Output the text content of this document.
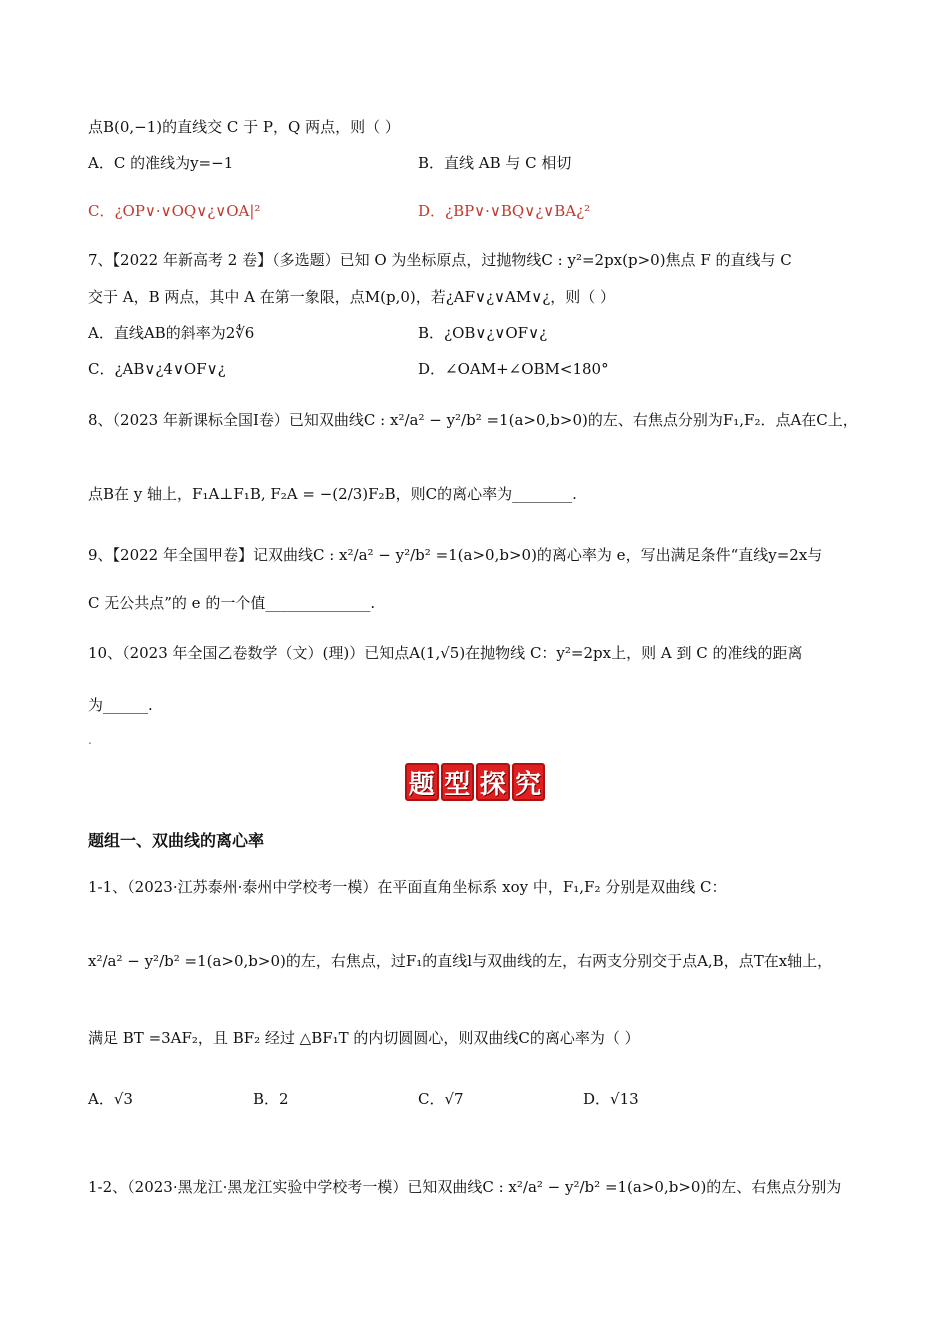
点B(0,−1)的直线交 C 于 P，Q 两点，则（ ）
A．C 的准线为y=−1	B．直线 AB 与 C 相切
C．¿OP∨·∨OQ∨¿∨OA|²	D．¿BP∨·∨BQ∨¿∨BA¿²
7、【2022 年新高考 2 卷】（多选题）已知 O 为坐标原点，过抛物线C : y²=2px(p>0)焦点 F 的直线与 C
交于 A，B 两点，其中 A 在第一象限，点M(p,0)，若¿AF∨¿∨AM∨¿，则（ ）
A．直线AB的斜率为2∜6	B．¿OB∨¿∨OF∨¿
C．¿AB∨¿4∨OF∨¿	D．∠OAM+∠OBM<180°
8、（2023 年新课标全国Ⅰ卷）已知双曲线C : x²/a² − y²/b² =1(a>0,b>0)的左、右焦点分别为F₁,F₂．点A在C上，
点B在 y 轴上，F₁A⊥F₁B, F₂A = −(2/3)F₂B，则C的离心率为________.
9、【2022 年全国甲卷】记双曲线C : x²/a² − y²/b² =1(a>0,b>0)的离心率为 e，写出满足条件“直线y=2x与
C 无公共点”的 e 的一个值______________.
10、（2023 年全国乙卷数学（文）(理)）已知点A(1,√5)在抛物线 C：y²=2px上，则 A 到 C 的准线的距离
为______.
.
题 型 探 究
题组一、双曲线的离心率
1-1、（2023·江苏泰州·泰州中学校考一模）在平面直角坐标系 xoy 中，F₁,F₂ 分别是双曲线 C：
x²/a² − y²/b² =1(a>0,b>0)的左，右焦点，过F₁的直线l与双曲线的左，右两支分别交于点A,B，点T在x轴上，
满足 BT =3AF₂，且 BF₂ 经过 △BF₁T 的内切圆圆心，则双曲线C的离心率为（ ）
A．√3	B．2	C．√7	D．√13
1-2、（2023·黑龙江·黑龙江实验中学校考一模）已知双曲线C : x²/a² − y²/b² =1(a>0,b>0)的左、右焦点分别为
